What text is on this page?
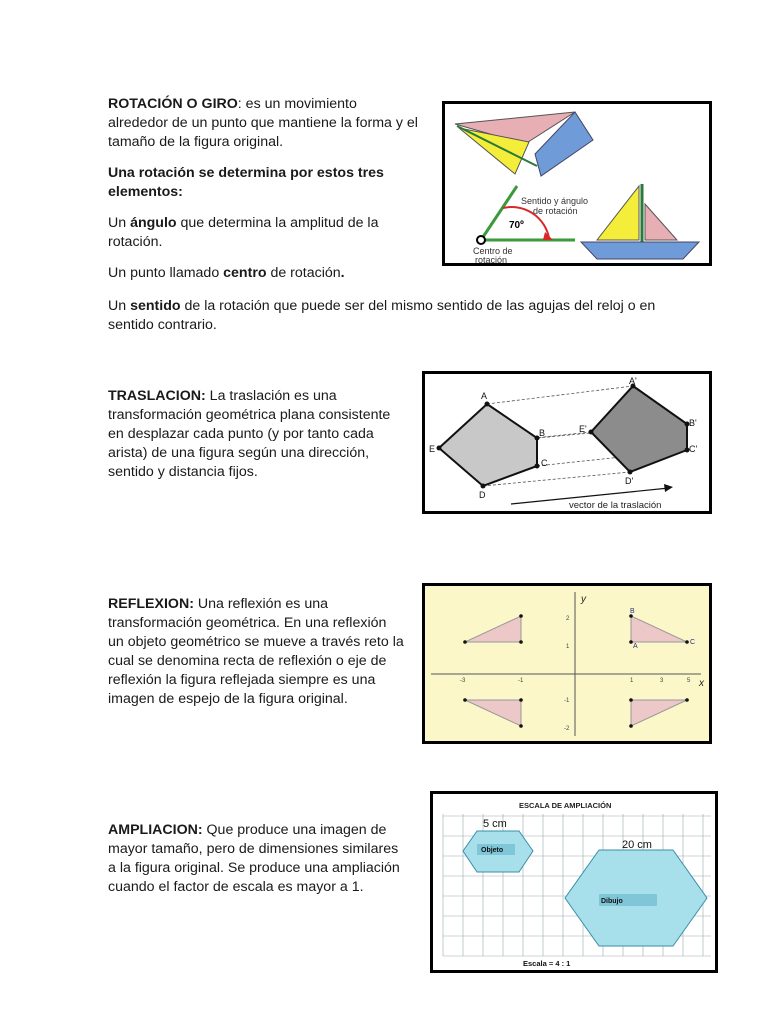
ROTACIÓN O GIRO: es un movimiento alrededor de un punto que mantiene la forma y el tamaño de la figura original.
Una rotación se determina por estos tres elementos:
Un ángulo que determina la amplitud de la rotación.
Un punto llamado centro de rotación.
Un sentido de la rotación que puede ser del mismo sentido de las agujas del reloj o en sentido contrario.
Sentido y ángulo
de rotación
70º
Centro de
rotación
TRASLACION: La traslación es una transformación geométrica plana consistente en desplazar cada punto (y por tanto cada arista) de una figura según una dirección, sentido y distancia fijos.
A
B
C
D
E
A'
B'
C'
D'
E'
vector de la traslación
REFLEXION: Una reflexión es una transformación geométrica. En una reflexión un objeto geométrico se mueve a través reto la cual se denomina recta de reflexión o eje de reflexión la figura reflejada siempre es una imagen de espejo de la figura original.
y
x
-3	-1	1	3	5
2
1
-1
-2
B
A
C
AMPLIACION: Que produce una imagen de mayor tamaño, pero de dimensiones similares a la figura original. Se produce una ampliación cuando el factor de escala es mayor a 1.
ESCALA DE AMPLIACIÓN
Objeto
5 cm
Dibujo
20 cm
Escala = 4 : 1
